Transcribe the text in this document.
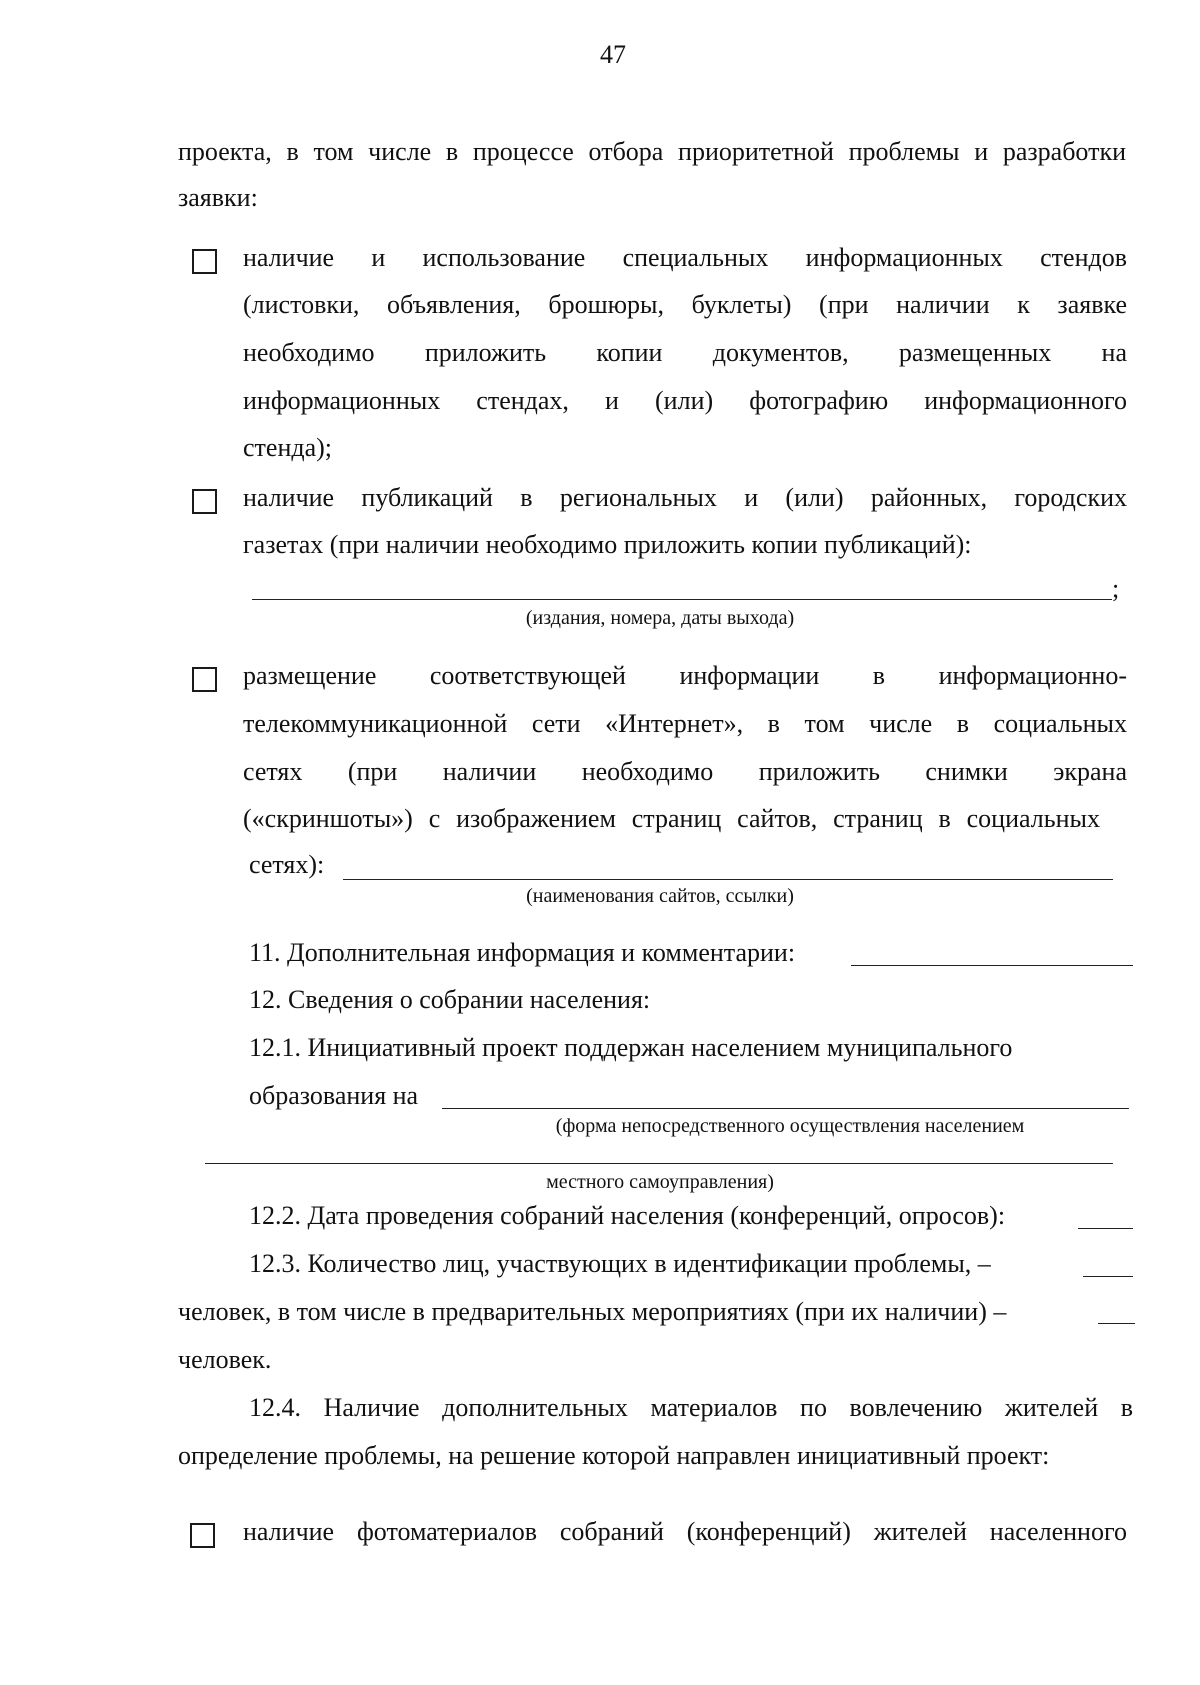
47
проекта, в том числе в процессе отбора приоритетной проблемы и разработки
заявки:
наличие и использование специальных информационных стендов
(листовки, объявления, брошюры, буклеты) (при наличии к заявке
необходимо приложить копии документов, размещенных на
информационных стендах, и (или) фотографию информационного
стенда);
наличие публикаций в региональных и (или) районных, городских
газетах (при наличии необходимо приложить копии публикаций):
;
(издания, номера, даты выхода)
размещение соответствующей информации в информационно-
телекоммуникационной сети «Интернет», в том числе в социальных
сетях (при наличии необходимо приложить снимки экрана
(«скриншоты») с изображением страниц сайтов, страниц в социальных
сетях):
(наименования сайтов, ссылки)
11. Дополнительная информация и комментарии:
12. Сведения о собрании населения:
12.1. Инициативный проект поддержан населением муниципального
образования на
(форма непосредственного осуществления населением
местного самоуправления)
12.2. Дата проведения собраний населения (конференций, опросов):
12.3. Количество лиц, участвующих в идентификации проблемы, –
человек, в том числе в предварительных мероприятиях (при их наличии) –
человек.
12.4. Наличие дополнительных материалов по вовлечению жителей в
определение проблемы, на решение которой направлен инициативный проект:
наличие фотоматериалов собраний (конференций) жителей населенного
